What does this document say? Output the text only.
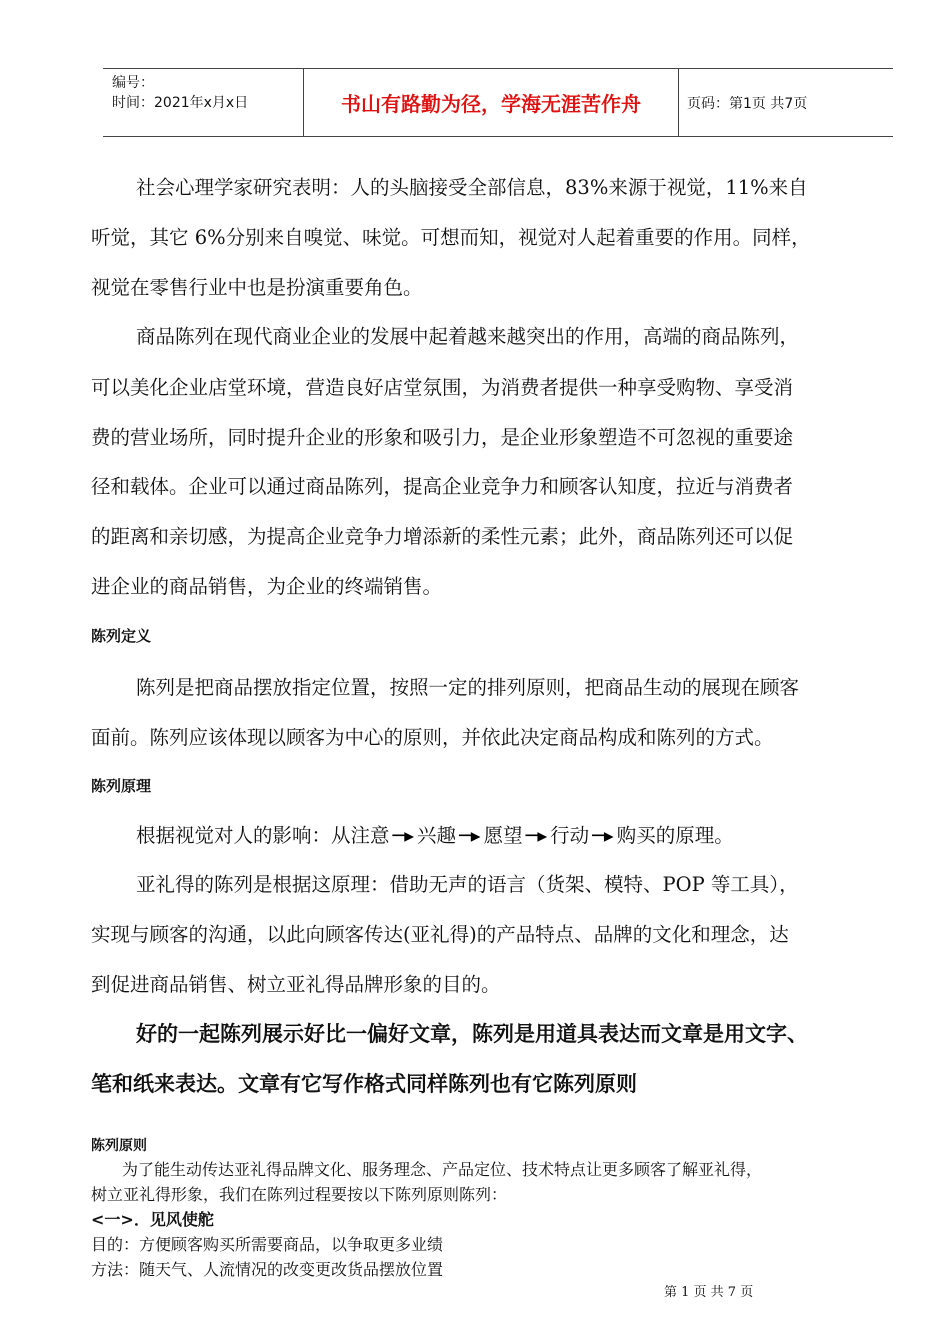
编号：
时间：2021年x月x日	书山有路勤为径，学海无涯苦作舟	页码：第1页 共7页
社会心理学家研究表明：人的头脑接受全部信息，83%来源于视觉，11%来自
听觉，其它 6%分别来自嗅觉、味觉。可想而知，视觉对人起着重要的作用。同样，
视觉在零售行业中也是扮演重要角色。
商品陈列在现代商业企业的发展中起着越来越突出的作用，高端的商品陈列，
可以美化企业店堂环境，营造良好店堂氛围，为消费者提供一种享受购物、享受消
费的营业场所，同时提升企业的形象和吸引力，是企业形象塑造不可忽视的重要途
径和载体。企业可以通过商品陈列，提高企业竞争力和顾客认知度，拉近与消费者
的距离和亲切感，为提高企业竞争力增添新的柔性元素；此外，商品陈列还可以促
进企业的商品销售，为企业的终端销售。
陈列定义
陈列是把商品摆放指定位置，按照一定的排列原则，把商品生动的展现在顾客
面前。陈列应该体现以顾客为中心的原则，并依此决定商品构成和陈列的方式。
陈列原理
根据视觉对人的影响：从注意 ─▸ 兴趣 ─▸ 愿望 ─▸ 行动 ─▸ 购买的原理。
亚礼得的陈列是根据这原理：借助无声的语言（货架、模特、POP 等工具），
实现与顾客的沟通，以此向顾客传达(亚礼得)的产品特点、品牌的文化和理念，达
到促进商品销售、树立亚礼得品牌形象的目的。
好的一起陈列展示好比一偏好文章，陈列是用道具表达而文章是用文字、
笔和纸来表达。文章有它写作格式同样陈列也有它陈列原则
陈列原则
为了能生动传达亚礼得品牌文化、服务理念、产品定位、技术特点让更多顾客了解亚礼得，
树立亚礼得形象，我们在陈列过程要按以下陈列原则陈列：
<一>．见风使舵
目的：方便顾客购买所需要商品，以争取更多业绩
方法：随天气、人流情况的改变更改货品摆放位置
第 1 页 共 7 页
